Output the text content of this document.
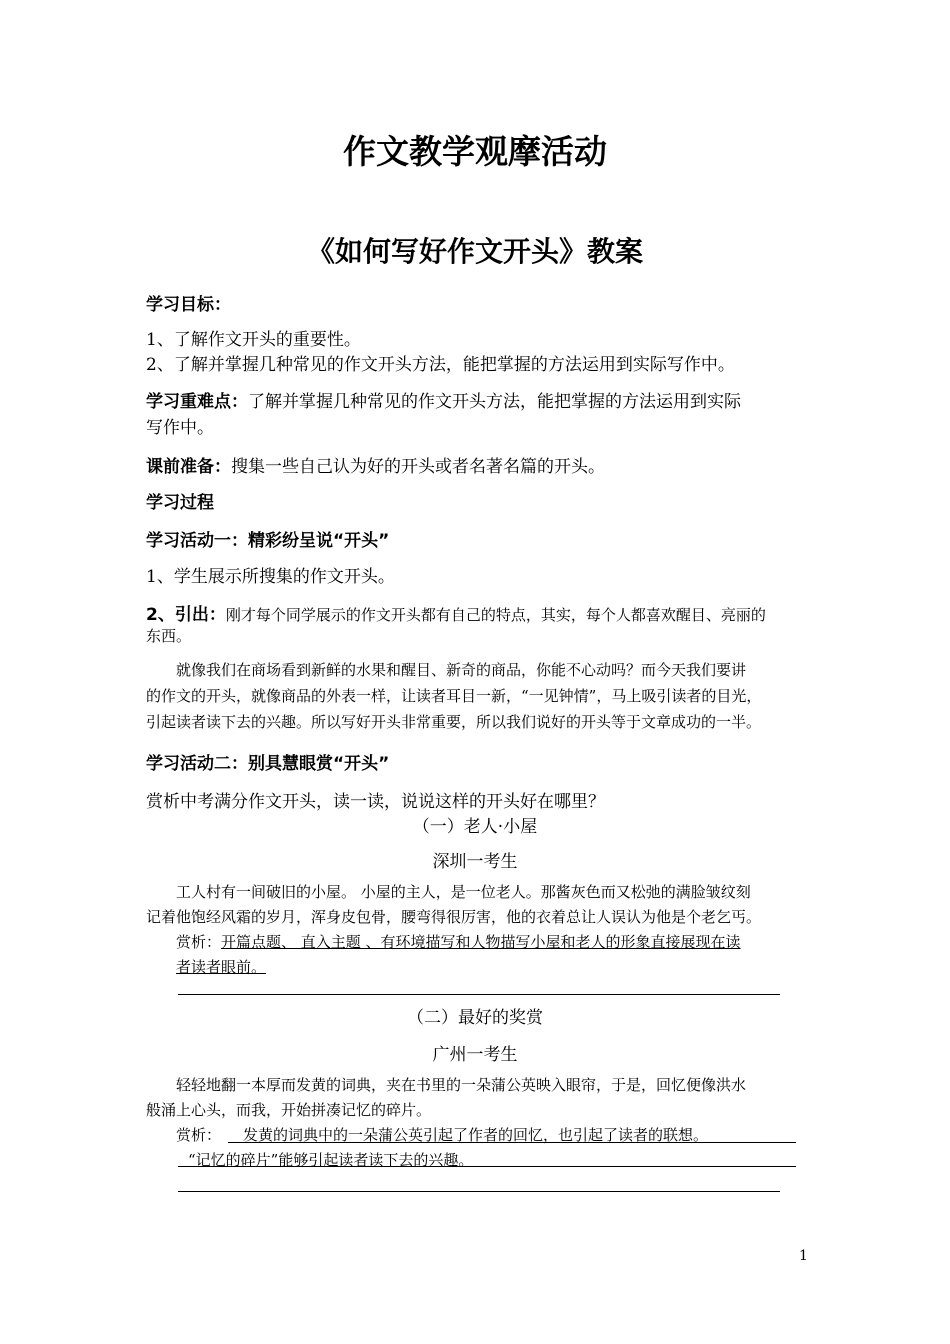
作文教学观摩活动
《如何写好作文开头》教案
学习目标：
1、了解作文开头的重要性。
2、了解并掌握几种常见的作文开头方法，能把掌握的方法运用到实际写作中。
学习重难点：了解并掌握几种常见的作文开头方法，能把掌握的方法运用到实际
写作中。
课前准备：搜集一些自己认为好的开头或者名著名篇的开头。
学习过程
学习活动一：精彩纷呈说“开头”
1、学生展示所搜集的作文开头。
2、引出：刚才每个同学展示的作文开头都有自己的特点，其实，每个人都喜欢醒目、亮丽的
东西。
就像我们在商场看到新鲜的水果和醒目、新奇的商品，你能不心动吗？而今天我们要讲
的作文的开头，就像商品的外表一样，让读者耳目一新，“一见钟情”，马上吸引读者的目光，
引起读者读下去的兴趣。所以写好开头非常重要，所以我们说好的开头等于文章成功的一半。
学习活动二：别具慧眼赏“开头”
赏析中考满分作文开头，读一读，说说这样的开头好在哪里？
（一）老人·小屋
深圳一考生
工人村有一间破旧的小屋。 小屋的主人，是一位老人。那酱灰色而又松弛的满脸皱纹刻
记着他饱经风霜的岁月，浑身皮包骨，腰弯得很厉害，他的衣着总让人误认为他是个老乞丐。
赏析：开篇点题、 直入主题 、有环境描写和人物描写小屋和老人的形象直接展现在读
者读者眼前。
（二）最好的奖赏
广州一考生
轻轻地翻一本厚而发黄的词典，夹在书里的一朵蒲公英映入眼帘，于是，回忆便像洪水
般涌上心头，而我，开始拼凑记忆的碎片。
赏析： 发黄的词典中的一朵蒲公英引起了作者的回忆，也引起了读者的联想。
“记忆的碎片”能够引起读者读下去的兴趣。
1
